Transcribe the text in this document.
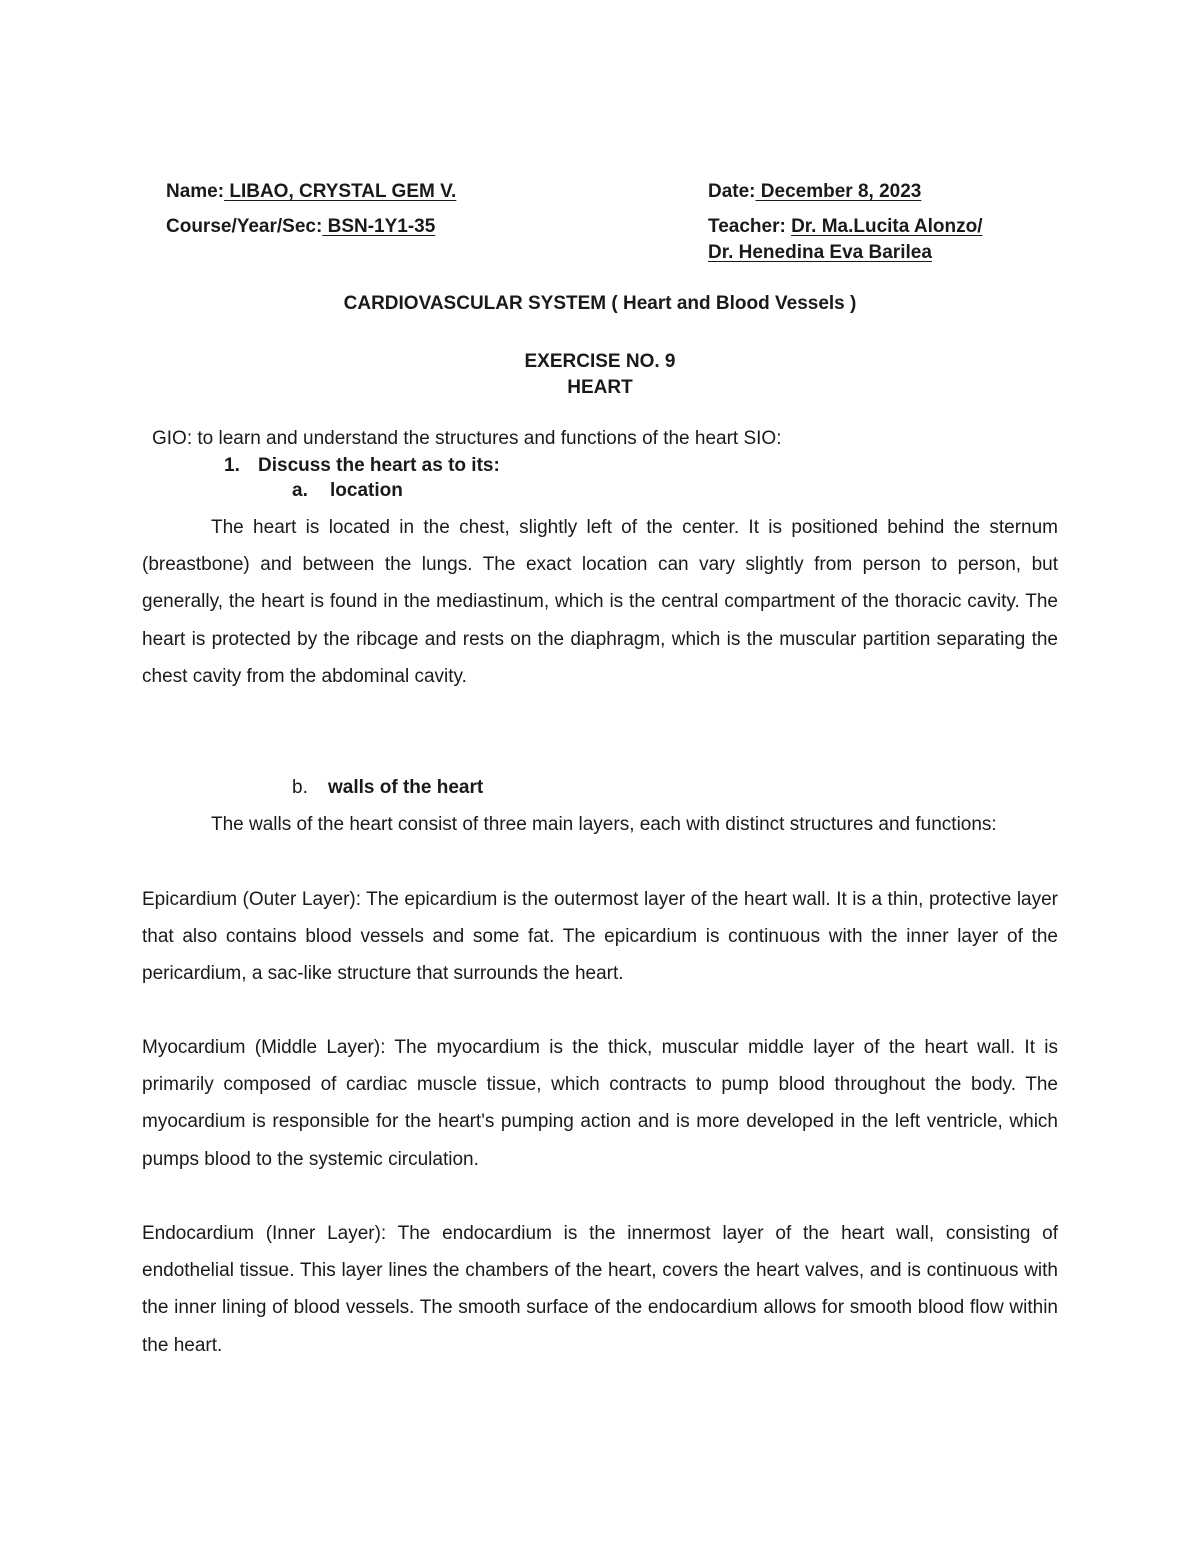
Name: LIBAO, CRYSTAL GEM V.	Date: December 8, 2023
Course/Year/Sec: BSN-1Y1-35	Teacher: Dr. Ma.Lucita Alonzo/
Dr. Henedina Eva Barilea
CARDIOVASCULAR SYSTEM ( Heart and Blood Vessels )
EXERCISE NO. 9
HEART
GIO: to learn and understand the structures and functions of the heart SIO:
1. Discuss the heart as to its:
a. location

The heart is located in the chest, slightly left of the center. It is positioned behind the sternum (breastbone) and between the lungs. The exact location can vary slightly from person to person, but generally, the heart is found in the mediastinum, which is the central compartment of the thoracic cavity. The heart is protected by the ribcage and rests on the diaphragm, which is the muscular partition separating the chest cavity from the abdominal cavity.

b. walls of the heart

The walls of the heart consist of three main layers, each with distinct structures and functions:

Epicardium (Outer Layer): The epicardium is the outermost layer of the heart wall. It is a thin, protective layer that also contains blood vessels and some fat. The epicardium is continuous with the inner layer of the pericardium, a sac-like structure that surrounds the heart.

Myocardium (Middle Layer): The myocardium is the thick, muscular middle layer of the heart wall. It is primarily composed of cardiac muscle tissue, which contracts to pump blood throughout the body. The myocardium is responsible for the heart's pumping action and is more developed in the left ventricle, which pumps blood to the systemic circulation.

Endocardium (Inner Layer): The endocardium is the innermost layer of the heart wall, consisting of endothelial tissue. This layer lines the chambers of the heart, covers the heart valves, and is continuous with the inner lining of blood vessels. The smooth surface of the endocardium allows for smooth blood flow within the heart.
